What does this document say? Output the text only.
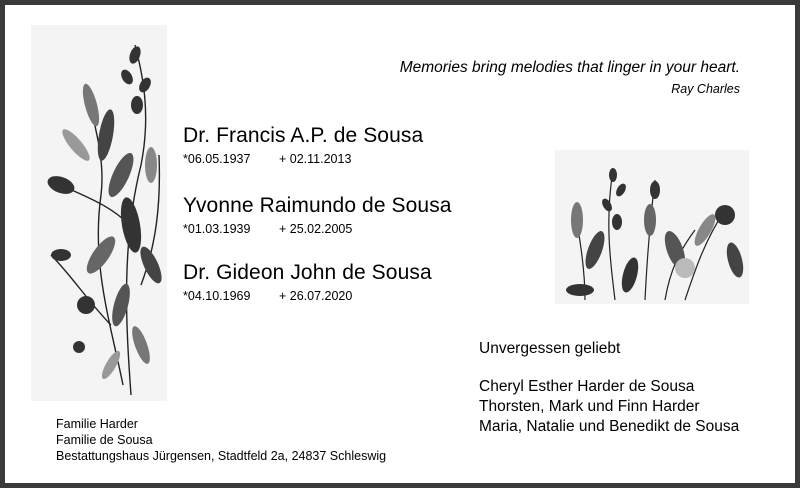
Memories bring melodies that linger in your heart.
Ray Charles
Dr. Francis A.P. de Sousa
*06.05.1937 + 02.11.2013
Yvonne Raimundo de Sousa
*01.03.1939 + 25.02.2005
Dr. Gideon John de Sousa
*04.10.1969 + 26.07.2020
Unvergessen geliebt
Cheryl Esther Harder de Sousa
Thorsten, Mark und Finn Harder
Maria, Natalie und Benedikt de Sousa
Familie Harder
Familie de Sousa
Bestattungshaus Jürgensen, Stadtfeld 2a, 24837 Schleswig
